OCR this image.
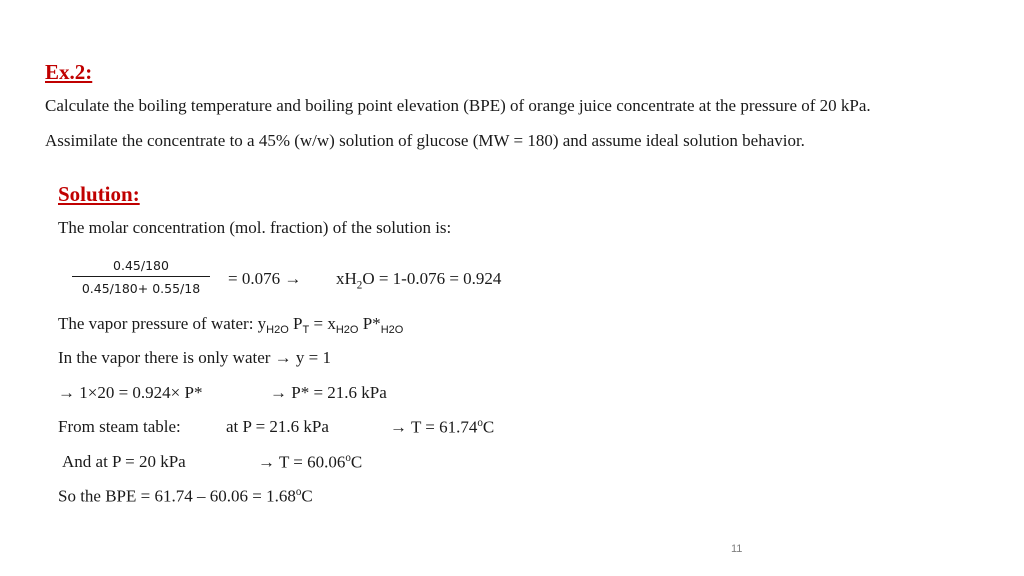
Ex.2:
Calculate the boiling temperature and boiling point elevation (BPE) of orange juice concentrate at the pressure of 20 kPa.
Assimilate the concentrate to a 45% (w/w) solution of glucose (MW = 180) and assume ideal solution behavior.
Solution:
The molar concentration (mol. fraction) of the solution is:
0.45/180
0.45/180+ 0.55/18
= $0.076 \to xH_2O = 1-0.076 = 0.924$
The vapor pressure of water: $y_{H2O}$ $P_T = x_{H2O}$ $P*_{H2O}$
In the vapor there is only water → y = 1
→ 1×20 = 0.924× P*	→ P* = 21.6 kPa
From steam table:	at P = 21.6 kPa	→ $T = 61.74^oC$
And at P = 20 kPa	→ $T = 60.06^oC$
So the BPE = $61.74 - 60.06 = 1.68^oC$
11
